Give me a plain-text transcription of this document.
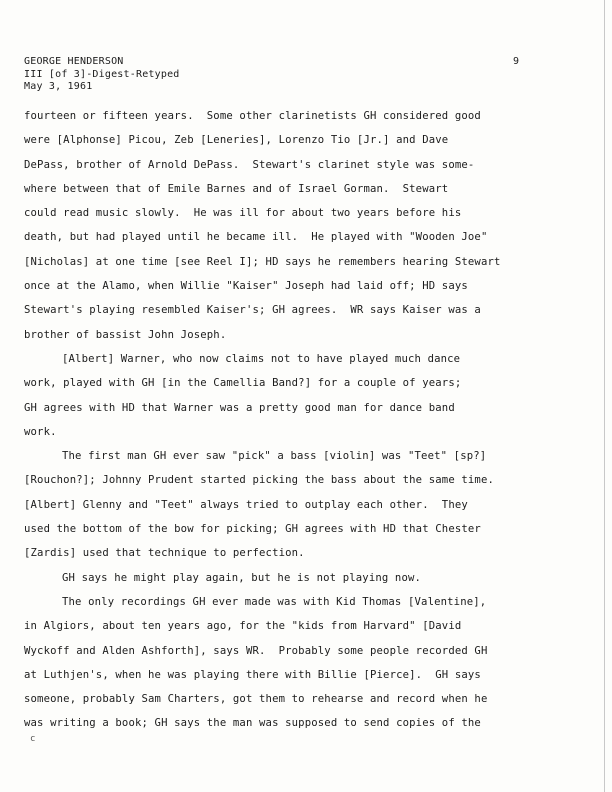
GEORGE HENDERSON
III [of 3]-Digest-Retyped
May 3, 1961
9
fourteen or fifteen years.  Some other clarinetists GH considered good
were [Alphonse] Picou, Zeb [Leneries], Lorenzo Tio [Jr.] and Dave
DePass, brother of Arnold DePass.  Stewart's clarinet style was some-
where between that of Emile Barnes and of Israel Gorman.  Stewart
could read music slowly.  He was ill for about two years before his
death, but had played until he became ill.  He played with "Wooden Joe"
[Nicholas] at one time [see Reel I]; HD says he remembers hearing Stewart
once at the Alamo, when Willie "Kaiser" Joseph had laid off; HD says
Stewart's playing resembled Kaiser's; GH agrees.  WR says Kaiser was a
brother of bassist John Joseph.
[Albert] Warner, who now claims not to have played much dance
work, played with GH [in the Camellia Band?] for a couple of years;
GH agrees with HD that Warner was a pretty good man for dance band
work.
The first man GH ever saw "pick" a bass [violin] was "Teet" [sp?]
[Rouchon?]; Johnny Prudent started picking the bass about the same time.
[Albert] Glenny and "Teet" always tried to outplay each other.  They
used the bottom of the bow for picking; GH agrees with HD that Chester
[Zardis] used that technique to perfection.
GH says he might play again, but he is not playing now.
The only recordings GH ever made was with Kid Thomas [Valentine],
in Algiors, about ten years ago, for the "kids from Harvard" [David
Wyckoff and Alden Ashforth], says WR.  Probably some people recorded GH
at Luthjen's, when he was playing there with Billie [Pierce].  GH says
someone, probably Sam Charters, got them to rehearse and record when he
was writing a book; GH says the man was supposed to send copies of the
c
